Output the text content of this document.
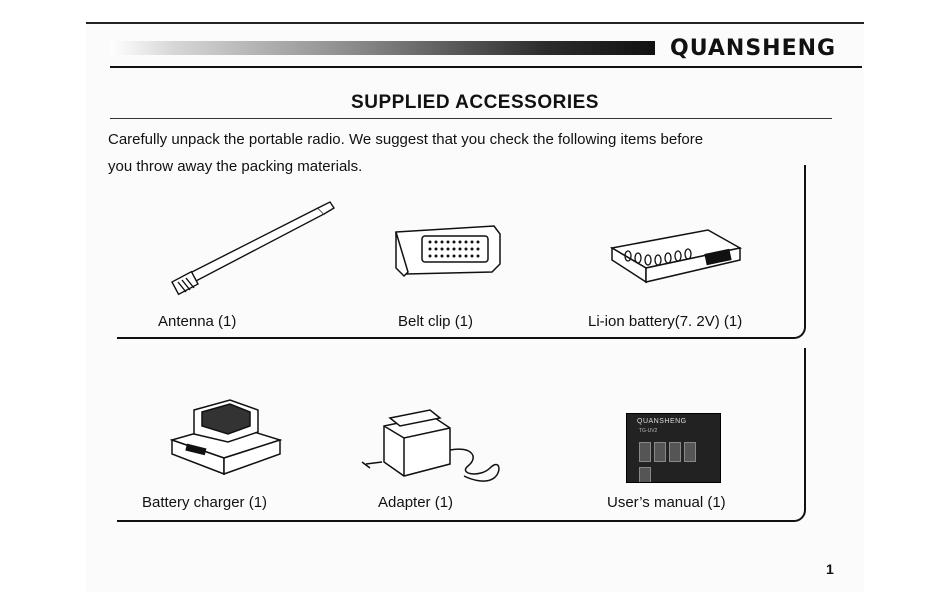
QUANSHENG
SUPPLIED ACCESSORIES
Carefully unpack the portable radio. We suggest that you check the following items before
you throw away the packing materials.
Antenna (1)	Belt clip (1)	Li-ion battery(7. 2V) (1)
Battery charger (1)	Adapter (1)
QUANSHENG
TG-UV2
User’s manual (1)
1
